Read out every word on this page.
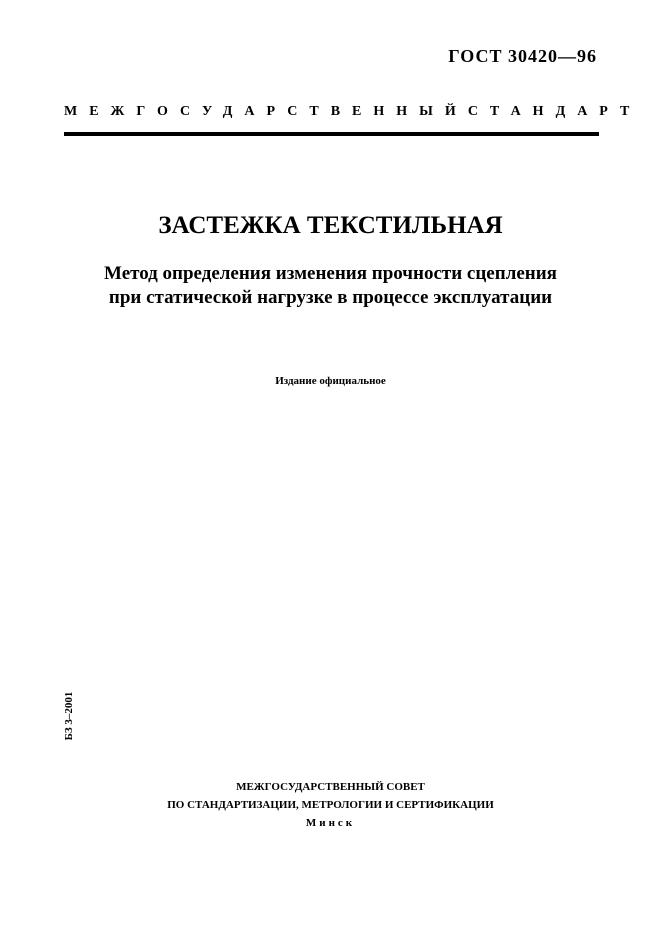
ГОСТ 30420—96
МЕЖГОСУДАРСТВЕННЫЙ СТАНДАРТ
ЗАСТЕЖКА ТЕКСТИЛЬНАЯ
Метод определения изменения прочности сцепления
при статической нагрузке в процессе эксплуатации
Издание официальное
БЗ 3–2001
МЕЖГОСУДАРСТВЕННЫЙ СОВЕТ
ПО СТАНДАРТИЗАЦИИ, МЕТРОЛОГИИ И СЕРТИФИКАЦИИ
Минск
